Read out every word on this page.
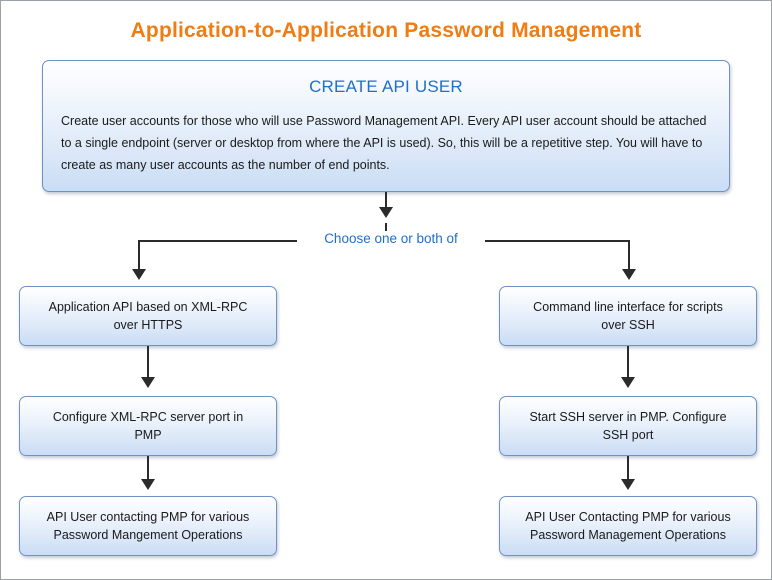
Application-to-Application Password Management
CREATE API USER
Create user accounts for those who will use Password Management API. Every API user account should be attached to a single endpoint (server or desktop from where the API is used). So, this will be a repetitive step. You will have to create as many user accounts as the number of end points.
Choose one or both of
Application API based on XML-RPC
over HTTPS
Configure XML-RPC server port in
PMP
API User contacting PMP for various
Password Mangement Operations
Command line interface for scripts
over SSH
Start SSH server in PMP. Configure
SSH port
API User Contacting PMP for various
Password Management Operations
